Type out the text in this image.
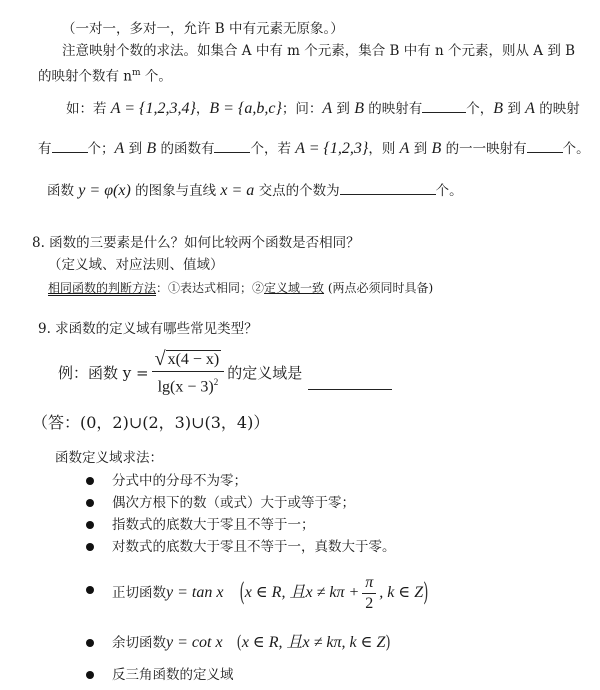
（一对一，多对一，允许 B 中有元素无原象。）
注意映射个数的求法。如集合 A 中有 m 个元素，集合 B 中有 n 个元素，则从 A 到 B
的映射个数有 $n^m$ 个。
如：若 A = {1,2,3,4}，B = {a,b,c}；问：A 到 B 的映射有	个，B 到 A 的映射
有	个；A 到 B 的函数有	个，若 A = {1,2,3}，则 A 到 B 的一一映射有	个。
函数 y = φ(x) 的图象与直线 x = a 交点的个数为	个。
8. 函数的三要素是什么？如何比较两个函数是否相同？
（定义域、对应法则、值域）
相同函数的判断方法：①表达式相同；②定义域一致 (两点必须同时具备)
9. 求函数的定义域有哪些常见类型？
例：函数 $y = \frac{√ x(4 - x)}{\lg(x - 3)^2}$ 的定义域是
（答：(0，2)∪(2，3)∪(3，4)）
函数定义域求法：
分式中的分母不为零；
偶次方根下的数（或式）大于或等于零；
指数式的底数大于零且不等于一；
对数式的底数大于零且不等于一，真数大于零。
正切函数 y = tan x ( x ∈ R, 且$x \ne k\pi + \frac{\pi}{2}$ , k ∈ Z )
余切函数 y = cot x ( x ∈ R, 且x ≠ kπ, k ∈ Z )
反三角函数的定义域
